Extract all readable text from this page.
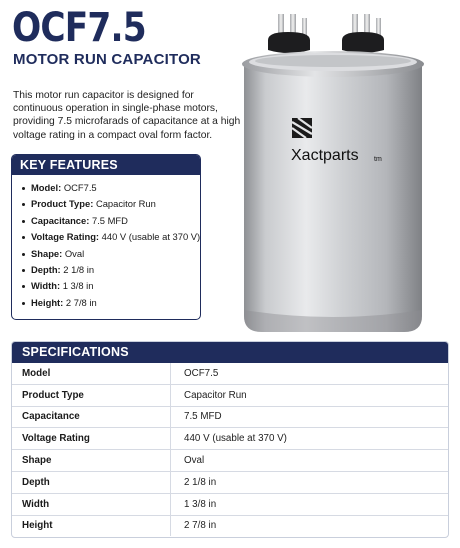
OCF7.5
MOTOR RUN CAPACITOR
This motor run capacitor is designed for continuous operation in single-phase motors, providing 7.5 microfarads of capacitance at a high voltage rating in a compact oval form factor.
KEY FEATURES
Model: OCF7.5
Product Type: Capacitor Run
Capacitance: 7.5 MFD
Voltage Rating: 440 V (usable at 370 V)
Shape: Oval
Depth: 2 1/8 in
Width: 1 3/8 in
Height: 2 7/8 in
Xactparts tm
SPECIFICATIONS
Model	OCF7.5
Product Type	Capacitor Run
Capacitance	7.5 MFD
Voltage Rating	440 V (usable at 370 V)
Shape	Oval
Depth	2 1/8 in
Width	1 3/8 in
Height	2 7/8 in
